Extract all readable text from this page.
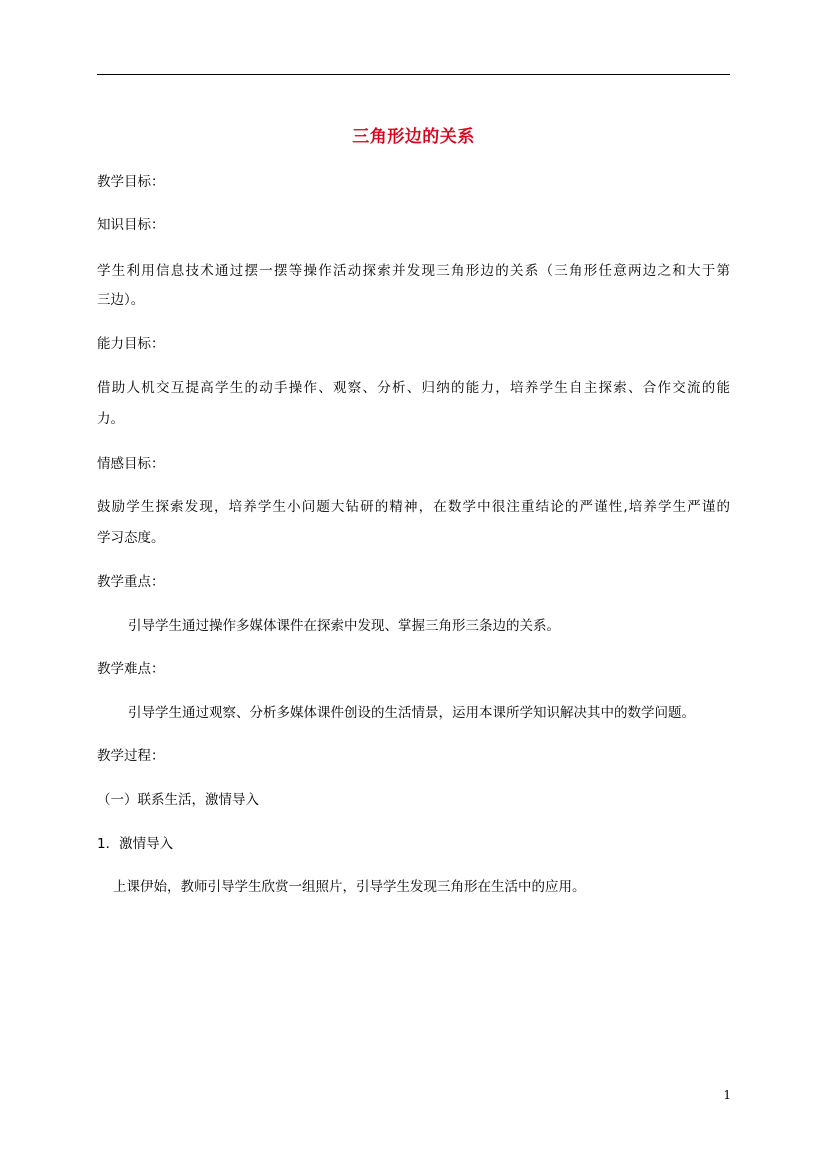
三角形边的关系
教学目标：
知识目标：
学生利用信息技术通过摆一摆等操作活动探索并发现三角形边的关系（三角形任意两边之和大于第
三边）。
能力目标：
借助人机交互提高学生的动手操作、观察、分析、归纳的能力，培养学生自主探索、合作交流的能
力。
情感目标：
鼓励学生探索发现，培养学生小问题大钻研的精神，在数学中很注重结论的严谨性,培养学生严谨的
学习态度。
教学重点：
引导学生通过操作多媒体课件在探索中发现、掌握三角形三条边的关系。
教学难点：
引导学生通过观察、分析多媒体课件创设的生活情景，运用本课所学知识解决其中的数学问题。
教学过程：
（一）联系生活，激情导入
1．激情导入
上课伊始，教师引导学生欣赏一组照片，引导学生发现三角形在生活中的应用。
1
